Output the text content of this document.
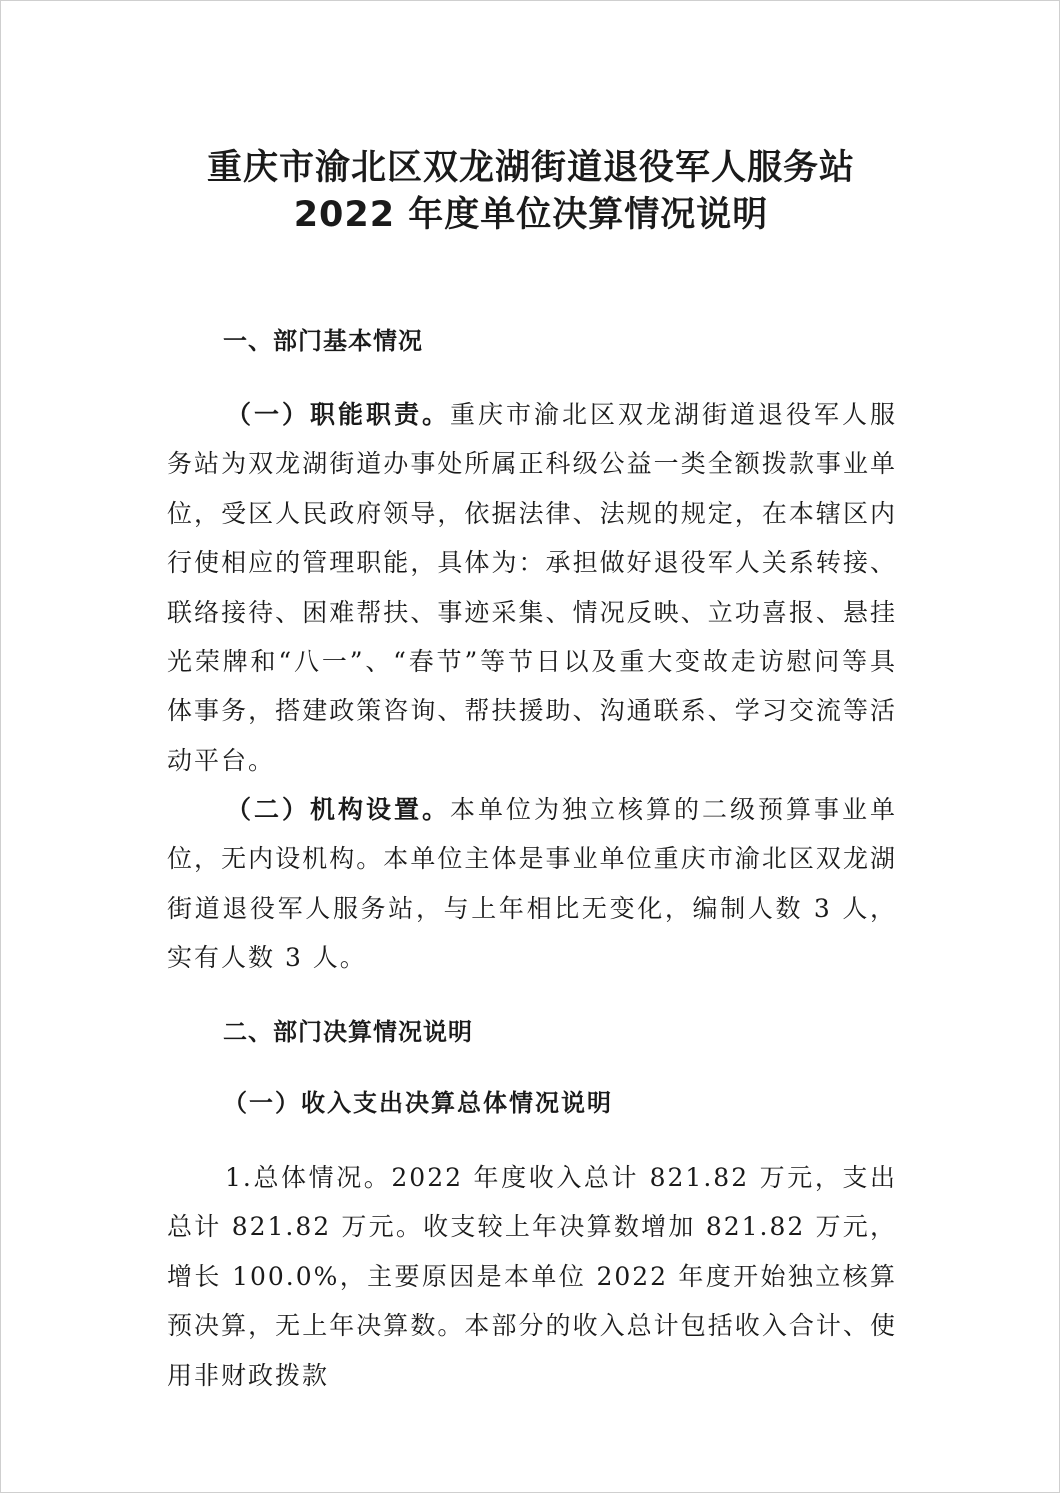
重庆市渝北区双龙湖街道退役军人服务站
2022 年度单位决算情况说明
一、部门基本情况

（一）职能职责。重庆市渝北区双龙湖街道退役军人服务站为双龙湖街道办事处所属正科级公益一类全额拨款事业单位，受区人民政府领导，依据法律、法规的规定，在本辖区内行使相应的管理职能，具体为：承担做好退役军人关系转接、联络接待、困难帮扶、事迹采集、情况反映、立功喜报、悬挂光荣牌和“八一”、“春节”等节日以及重大变故走访慰问等具体事务，搭建政策咨询、帮扶援助、沟通联系、学习交流等活动平台。

（二）机构设置。本单位为独立核算的二级预算事业单位，无内设机构。本单位主体是事业单位重庆市渝北区双龙湖街道退役军人服务站，与上年相比无变化，编制人数 3 人，实有人数 3 人。

二、部门决算情况说明
（一）收入支出决算总体情况说明

1.总体情况。2022 年度收入总计 821.82 万元，支出总计 821.82 万元。收支较上年决算数增加 821.82 万元，增长 100.0%，主要原因是本单位 2022 年度开始独立核算预决算，无上年决算数。本部分的收入总计包括收入合计、使用非财政拨款
